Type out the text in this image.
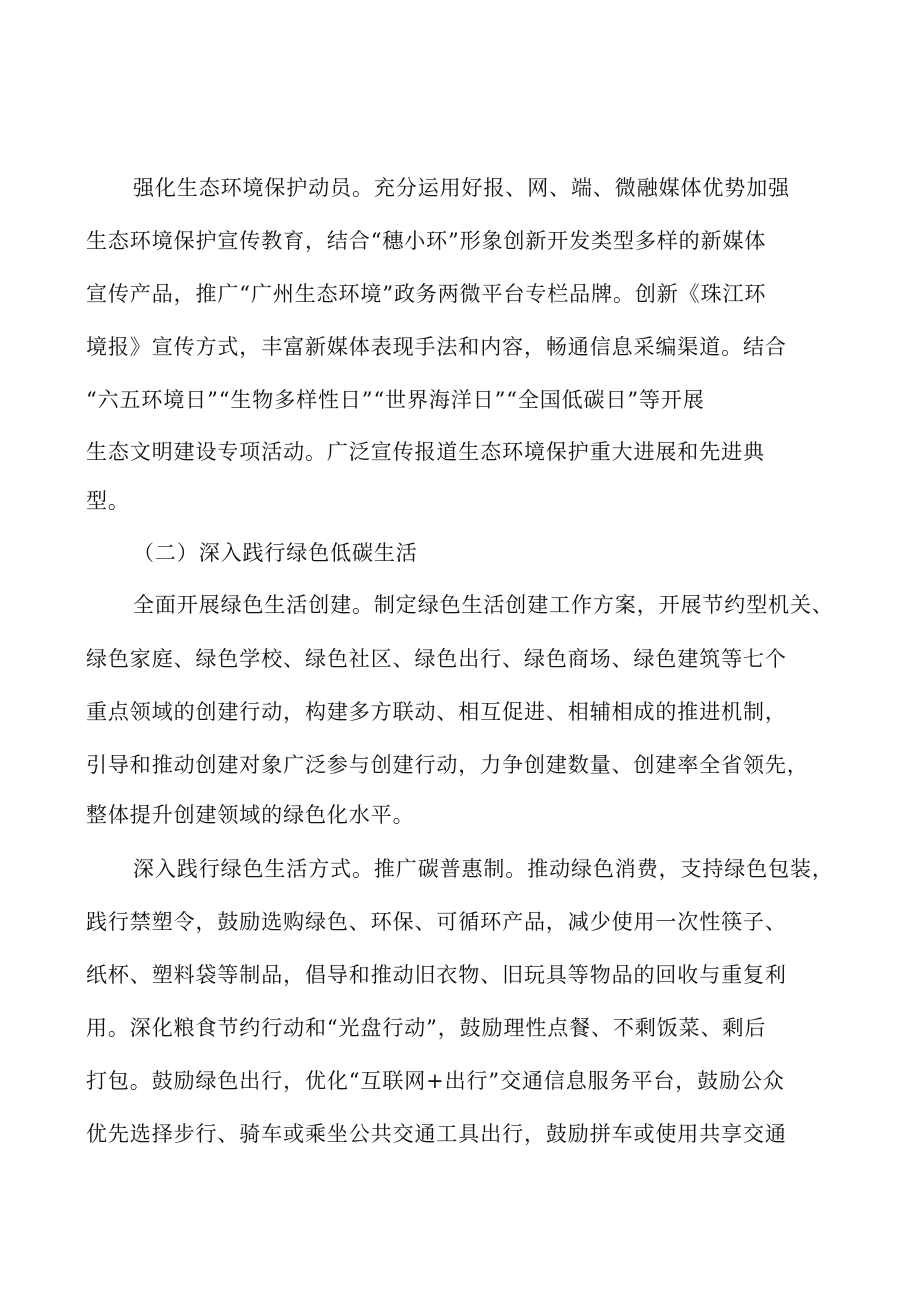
强化生态环境保护动员。充分运用好报、网、端、微融媒体优势加强

生态环境保护宣传教育，结合“穗小环”形象创新开发类型多样的新媒体

宣传产品，推广“广州生态环境”政务两微平台专栏品牌。创新《珠江环

境报》宣传方式，丰富新媒体表现手法和内容，畅通信息采编渠道。结合

“六五环境日”“生物多样性日”“世界海洋日”“全国低碳日”等开展

生态文明建设专项活动。广泛宣传报道生态环境保护重大进展和先进典

型。

（二）深入践行绿色低碳生活

全面开展绿色生活创建。制定绿色生活创建工作方案，开展节约型机关、

绿色家庭、绿色学校、绿色社区、绿色出行、绿色商场、绿色建筑等七个

重点领域的创建行动，构建多方联动、相互促进、相辅相成的推进机制，

引导和推动创建对象广泛参与创建行动，力争创建数量、创建率全省领先，

整体提升创建领域的绿色化水平。

深入践行绿色生活方式。推广碳普惠制。推动绿色消费，支持绿色包装，

践行禁塑令，鼓励选购绿色、环保、可循环产品，减少使用一次性筷子、

纸杯、塑料袋等制品，倡导和推动旧衣物、旧玩具等物品的回收与重复利

用。深化粮食节约行动和“光盘行动”，鼓励理性点餐、不剩饭菜、剩后

打包。鼓励绿色出行，优化“互联网+出行”交通信息服务平台，鼓励公众

优先选择步行、骑车或乘坐公共交通工具出行，鼓励拼车或使用共享交通
